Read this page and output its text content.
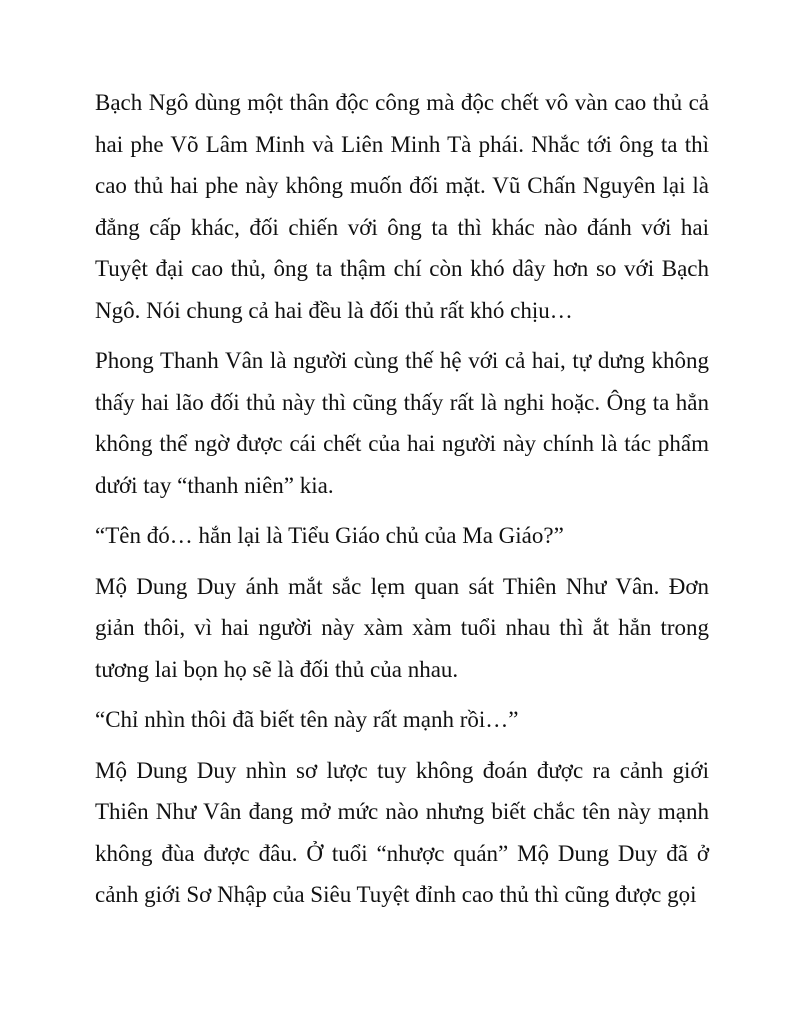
Bạch Ngô dùng một thân độc công mà độc chết vô vàn cao thủ cả hai phe Võ Lâm Minh và Liên Minh Tà phái. Nhắc tới ông ta thì cao thủ hai phe này không muốn đối mặt. Vũ Chấn Nguyên lại là đẳng cấp khác, đối chiến với ông ta thì khác nào đánh với hai Tuyệt đại cao thủ, ông ta thậm chí còn khó dây hơn so với Bạch Ngô. Nói chung cả hai đều là đối thủ rất khó chịu…

Phong Thanh Vân là người cùng thế hệ với cả hai, tự dưng không thấy hai lão đối thủ này thì cũng thấy rất là nghi hoặc. Ông ta hẳn không thể ngờ được cái chết của hai người này chính là tác phẩm dưới tay “thanh niên” kia.

“Tên đó… hắn lại là Tiểu Giáo chủ của Ma Giáo?”

Mộ Dung Duy ánh mắt sắc lẹm quan sát Thiên Như Vân. Đơn giản thôi, vì hai người này xàm xàm tuổi nhau thì ắt hẳn trong tương lai bọn họ sẽ là đối thủ của nhau.

“Chỉ nhìn thôi đã biết tên này rất mạnh rồi…”

Mộ Dung Duy nhìn sơ lược tuy không đoán được ra cảnh giới Thiên Như Vân đang mở mức nào nhưng biết chắc tên này mạnh không đùa được đâu. Ở tuổi “nhược quán” Mộ Dung Duy đã ở cảnh giới Sơ Nhập của Siêu Tuyệt đỉnh cao thủ thì cũng được gọi
